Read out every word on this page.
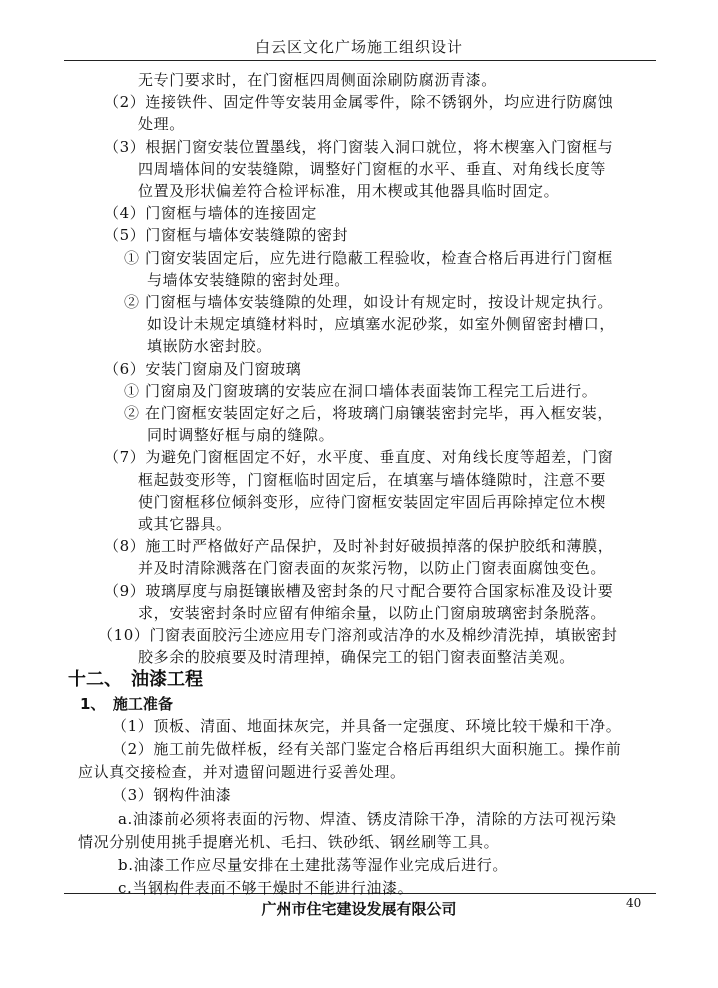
白云区文化广场施工组织设计
无专门要求时，在门窗框四周侧面涂刷防腐沥青漆。
（2）连接铁件、固定件等安装用金属零件，除不锈钢外，均应进行防腐蚀
处理。
（3）根据门窗安装位置墨线，将门窗装入洞口就位，将木楔塞入门窗框与
四周墙体间的安装缝隙，调整好门窗框的水平、垂直、对角线长度等
位置及形状偏差符合检评标准，用木楔或其他器具临时固定。
（4）门窗框与墙体的连接固定
（5）门窗框与墙体安装缝隙的密封
① 门窗安装固定后，应先进行隐蔽工程验收，检查合格后再进行门窗框
与墙体安装缝隙的密封处理。
② 门窗框与墙体安装缝隙的处理，如设计有规定时，按设计规定执行。
如设计未规定填缝材料时，应填塞水泥砂浆，如室外侧留密封槽口，
填嵌防水密封胶。
（6）安装门窗扇及门窗玻璃
① 门窗扇及门窗玻璃的安装应在洞口墙体表面装饰工程完工后进行。
② 在门窗框安装固定好之后，将玻璃门扇镶装密封完毕，再入框安装，
同时调整好框与扇的缝隙。
（7）为避免门窗框固定不好，水平度、垂直度、对角线长度等超差，门窗
框起鼓变形等，门窗框临时固定后，在填塞与墙体缝隙时，注意不要
使门窗框移位倾斜变形，应待门窗框安装固定牢固后再除掉定位木楔
或其它器具。
（8）施工时严格做好产品保护，及时补封好破损掉落的保护胶纸和薄膜，
并及时清除溅落在门窗表面的灰浆污物，以防止门窗表面腐蚀变色。
（9）玻璃厚度与扇挺镶嵌槽及密封条的尺寸配合要符合国家标准及设计要
求，安装密封条时应留有伸缩余量，以防止门窗扇玻璃密封条脱落。
（10）门窗表面胶污尘迹应用专门溶剂或洁净的水及棉纱清洗掉，填嵌密封
胶多余的胶痕要及时清理掉，确保完工的铝门窗表面整洁美观。
广州市住宅建设发展有限公司	40
十二、　油漆工程
1、　施工准备
（1）顶板、清面、地面抹灰完，并具备一定强度、环境比较干燥和干净。
（2）施工前先做样板，经有关部门鉴定合格后再组织大面积施工。操作前
应认真交接检查，并对遗留问题进行妥善处理。
（3）钢构件油漆
a.油漆前必须将表面的污物、焊渣、锈皮清除干净，清除的方法可视污染
情况分别使用挑手提磨光机、毛扫、铁砂纸、钢丝刷等工具。
b.油漆工作应尽量安排在土建批荡等湿作业完成后进行。
c.当钢构件表面不够干燥时不能进行油漆。
